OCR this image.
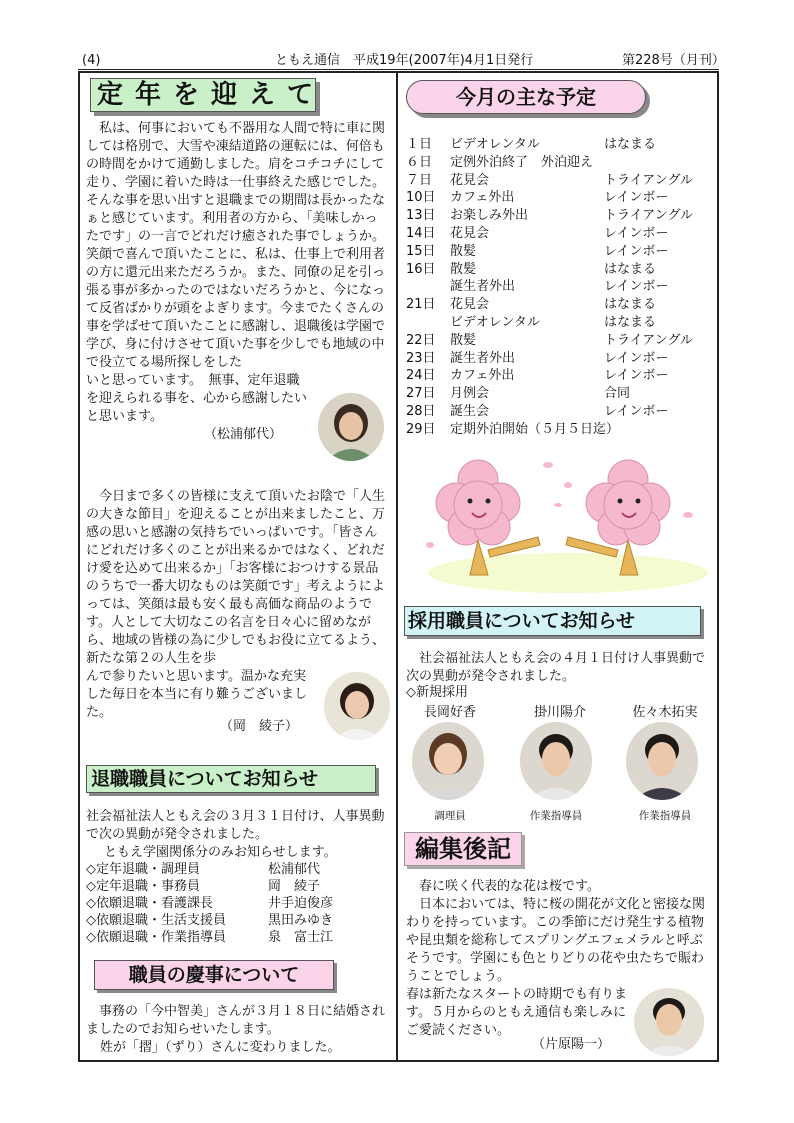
(4)	ともえ通信　平成19年(2007年)4月1日発行	第228号（月刊）
定年を迎えて

私は、何事においても不器用な人間で特に車に関しては格別で、大雪や凍結道路の運転には、何倍もの時間をかけて通勤しました。肩をコチコチにして走り、学園に着いた時は一仕事終えた感じでした。そんな事を思い出すと退職までの期間は長かったなぁと感じています。利用者の方から、「美味しかったです」の一言でどれだけ癒された事でしょうか。笑顔で喜んで頂いたことに、私は、仕事上で利用者の方に還元出来ただろうか。また、同僚の足を引っ張る事が多かったのではないだろうかと、今になって反省ばかりが頭をよぎります。今までたくさんの事を学ばせて頂いたことに感謝し、退職後は学園で学び、身に付けさせて頂いた事を少しでも地域の中で役立てる場所探しをした

いと思っています。　無事、定年退職を迎えられる事を、心から感謝したいと思います。

（松浦郁代）

今日まで多くの皆様に支えて頂いたお陰で「人生の大きな節目」を迎えることが出来ましたこと、万感の思いと感謝の気持ちでいっぱいです。「皆さんにどれだけ多くのことが出来るかではなく、どれだけ愛を込めて出来るか」「お客様におつけする景品のうちで一番大切なものは笑顔です」考えようによっては、笑顔は最も安く最も高価な商品のようです。人として大切なこの名言を日々心に留めながら、地域の皆様の為に少しでもお役に立てるよう、新たな第２の人生を歩

んで参りたいと思います。温かな充実した毎日を本当に有り難うございました。

（岡　綾子）
退職職員についてお知らせ
社会福祉法人ともえ会の３月３１日付け、人事異動で次の異動が発令されました。
ともえ学園関係分のみお知らせします。
◇定年退職・調理員	松浦郁代
◇定年退職・事務員	岡　綾子
◇依願退職・看護課長	井手迫俊彦
◇依願退職・生活支援員	黒田みゆき
◇依願退職・作業指導員	泉　富士江
職員の慶事について
事務の「今中智美」さんが３月１８日に結婚されましたのでお知らせいたします。
姓が「摺」（ずり）さんに変わりました。
今月の主な予定
１日 ビデオレンタル	はなまる
６日 定例外泊終了　外泊迎え
７日 花見会	トライアングル
10日 カフェ外出	レインボー
13日 お楽しみ外出	トライアングル
14日 花見会	レインボー
15日 散髪	レインボー
16日 散髪	はなまる
誕生者外出	レインボー
21日 花見会	はなまる
ビデオレンタル	はなまる
22日 散髪	トライアングル
23日 誕生者外出	レインボー
24日 カフェ外出	レインボー
27日 月例会	合同
28日 誕生会	レインボー
29日 定期外泊開始（５月５日迄）
採用職員についてお知らせ
社会福祉法人ともえ会の４月１日付け人事異動で次の異動が発令されました。
◇新規採用
長岡好香	掛川陽介	佐々木拓実
調理員	作業指導員	作業指導員
編集後記

春に咲く代表的な花は桜です。

日本においては、特に桜の開花が文化と密接な関わりを持っています。この季節にだけ発生する植物や昆虫類を総称してスプリングエフェメラルと呼ぶそうです。学園にも色とりどりの花や虫たちで賑わうことでしょう。

春は新たなスタートの時期でも有ります。５月からのともえ通信も楽しみにご愛読ください。

（片原陽一）
